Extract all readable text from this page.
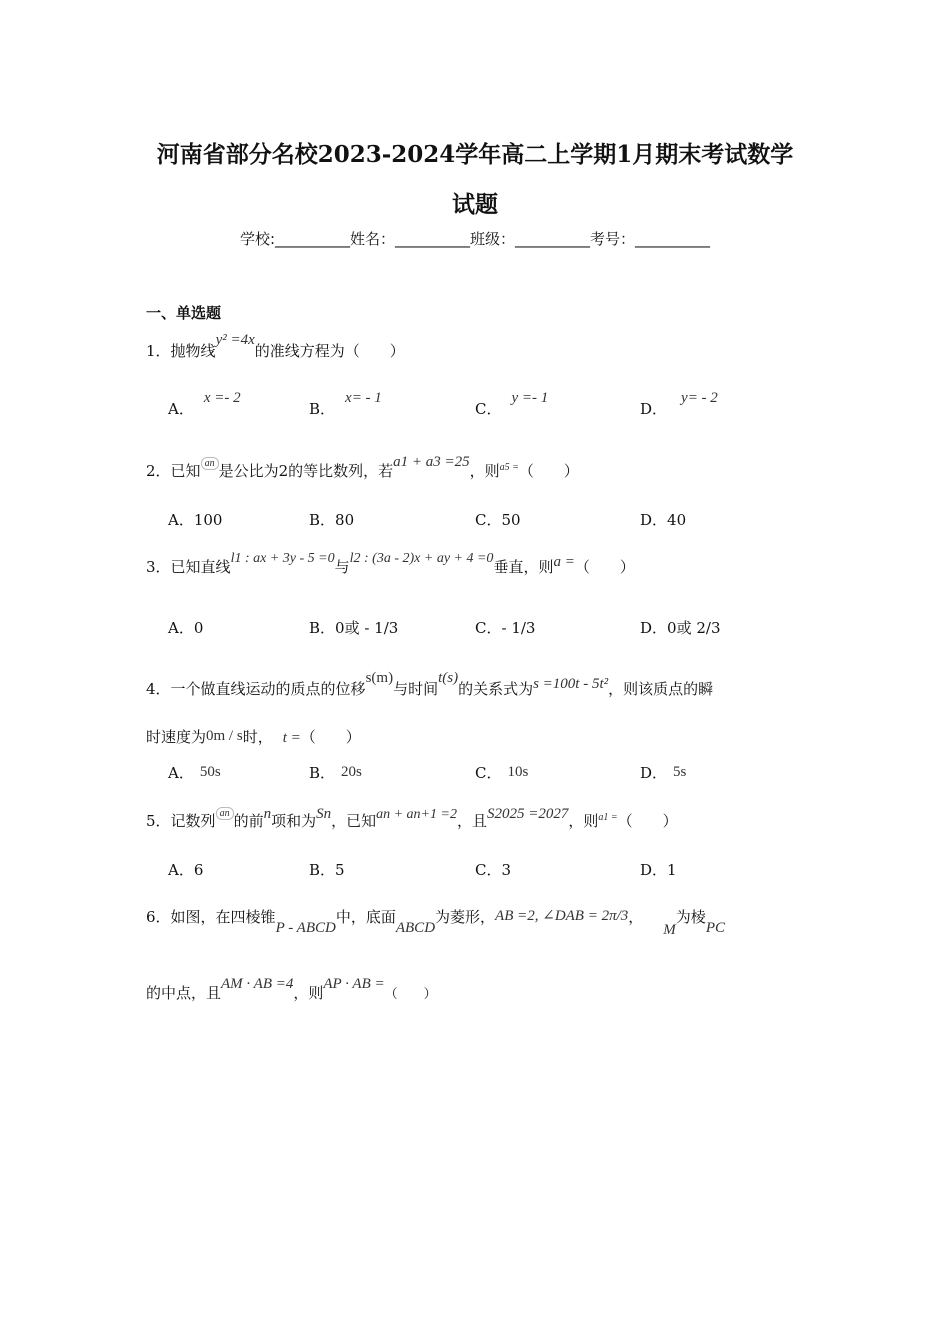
河南省部分名校2023-2024学年高二上学期1月期末考试数学
试题
学校:__________姓名：__________班级：__________考号：__________
一、单选题
1．抛物线y² =4x的准线方程为（　　）
A．x =- 2
B．x= - 1
C．y =- 1
D．y= - 2
2．已知 $^{an}$ 是公比为2的等比数列，若a1 + a3 =25，则$^{a5 =}$（　　）
A．100	B．80	C．50	D．40
3．已知直线l1 : ax + 3y - 5 =0与l2 : (3a - 2)x + ay + 4 =0垂直，则a =（　　）
A．0	B．0或 - 1/3	C．- 1/3	D．0或 2/3
4．一个做直线运动的质点的位移s(m)与时间t(s)的关系式为s =100t - 5t²，则该质点的瞬
时速度为0m / s时， t =（　　）
A． 50s	B． 20s	C． 10s	D． 5s
5．记数列 $^{an}$ 的前n项和为Sn，已知an + an+1 =2，且S2025 =2027，则$^{a1 =}$（　　）
A．6	B．5	C．3	D．1
6．如图，在四棱锥P - ABCD中，底面ABCD为菱形，AB =2, ∠DAB = 2π/3，M为棱PC
的中点，且AM · AB =4，则AP · AB =（　　）
